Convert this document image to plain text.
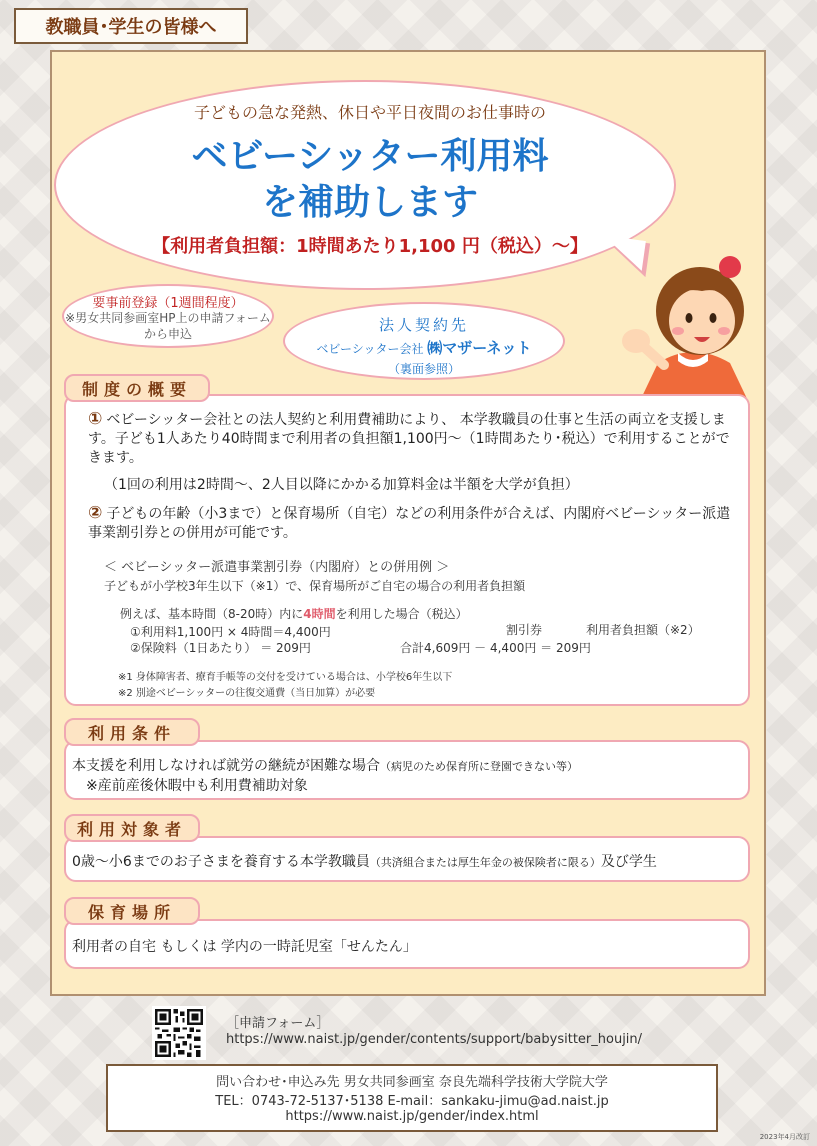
教職員･学生の皆様へ
子どもの急な発熱、休日や平日夜間のお仕事時の
ベビーシッター利用料
を補助します
【利用者負担額：1時間あたり1,100 円（税込）～】
要事前登録（1週間程度）
※男女共同参画室HP上の申請フォームから申込	法人契約先
ベビーシッター会社 ㈱マザーネット
（裏面参照）
制度の概要
① ベビーシッター会社との法人契約と利用費補助により、 本学教職員の仕事と生活の両立を支援します。子ども1人あたり40時間まで利用者の負担額1,100円～（1時間あたり･税込）で利用することができます。
（1回の利用は2時間～、2人目以降にかかる加算料金は半額を大学が負担）
② 子どもの年齢（小3まで）と保育場所（自宅）などの利用条件が合えば、内閣府ベビーシッター派遣事業割引券との併用が可能です。
＜ ベビーシッター派遣事業割引券（内閣府）との併用例 ＞
子どもが小学校3年生以下（※1）で、保育場所がご自宅の場合の利用者負担額
例えば、基本時間（8-20時）内に4時間を利用した場合（税込）
①利用料1,100円 × 4時間＝4,400円
②保険料（1日あたり） ＝ 209円
割引券	利用者負担額（※2）
合計4,609円 － 4,400円 ＝ 209円
※1 身体障害者、療育手帳等の交付を受けている場合は、小学校6年生以下
※2 別途ベビーシッターの往復交通費（当日加算）が必要
利用条件
本支援を利用しなければ就労の継続が困難な場合（病児のため保育所に登園できない等）
※産前産後休暇中も利用費補助対象
利用対象者
0歳～小6までのお子さまを養育する本学教職員（共済組合または厚生年金の被保険者に限る）及び学生
保育場所
利用者の自宅 もしくは 学内の一時託児室「せんたん」
［申請フォーム］
https://www.naist.jp/gender/contents/support/babysitter_houjin/
問い合わせ･申込み先 男女共同参画室 奈良先端科学技術大学院大学
TEL：0743-72-5137･5138 E-mail：sankaku-jimu@ad.naist.jp
https://www.naist.jp/gender/index.html
2023年4月改訂
